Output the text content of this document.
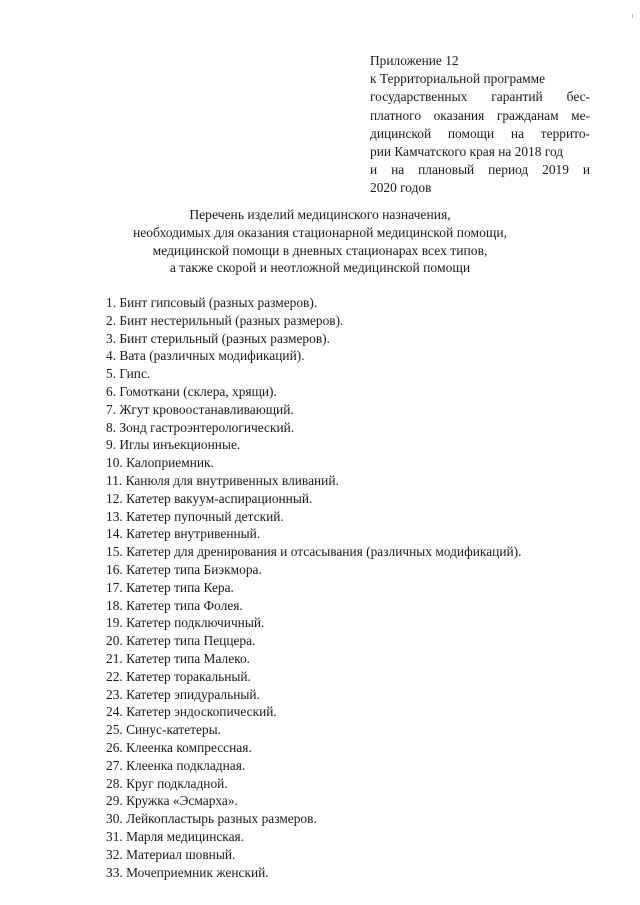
Приложение 12
к Территориальной программе
государственных гарантий бес-
платного оказания гражданам ме-
дицинской помощи на террито-
рии Камчатского края на 2018 год
и на плановый период 2019 и
2020 годов
Перечень изделий медицинского назначения,
необходимых для оказания стационарной медицинской помощи,
медицинской помощи в дневных стационарах всех типов,
а также скорой и неотложной медицинской помощи
1. Бинт гипсовый (разных размеров).
2. Бинт нестерильный (разных размеров).
3. Бинт стерильный (разных размеров).
4. Вата (различных модификаций).
5. Гипс.
6. Гомоткани (склера, хрящи).
7. Жгут кровоостанавливающий.
8. Зонд гастроэнтерологический.
9. Иглы инъекционные.
10. Калоприемник.
11. Канюля для внутривенных вливаний.
12. Катетер вакуум-аспирационный.
13. Катетер пупочный детский.
14. Катетер внутривенный.
15. Катетер для дренирования и отсасывания (различных модификаций).
16. Катетер типа Биэкмора.
17. Катетер типа Кера.
18. Катетер типа Фолея.
19. Катетер подключичный.
20. Катетер типа Пеццера.
21. Катетер типа Малеко.
22. Катетер торакальный.
23. Катетер эпидуральный.
24. Катетер эндоскопический.
25. Синус-катетеры.
26. Клеенка компрессная.
27. Клеенка подкладная.
28. Круг подкладной.
29. Кружка «Эсмарха».
30. Лейкопластырь разных размеров.
31. Марля медицинская.
32. Материал шовный.
33. Мочеприемник женский.
